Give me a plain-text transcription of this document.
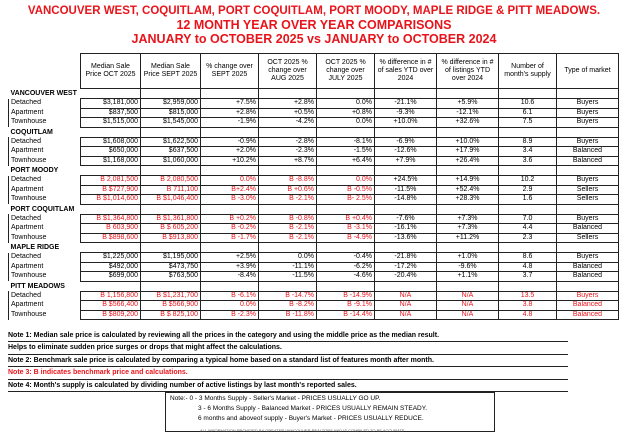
VANCOUVER WEST, COQUITLAM, PORT COQUITLAM, PORT MOODY, MAPLE RIDGE & PITT MEADOWS.
12 MONTH YEAR OVER YEAR COMPARISONS
JANUARY to OCTOBER 2025 vs JANUARY to OCTOBER 2024
	Median Sale Price OCT 2025	Median Sale Price SEPT 2025	% change over SEPT 2025	OCT 2025 % change over AUG 2025	OCT 2025 % change over JULY 2025	% difference in # of sales YTD over 2024	% difference in # of listings YTD over 2024	Number of month's supply	Type of market
VANCOUVER WEST									
Detached	$3,181,000	$2,959,000	+7.5%	+2.8%	0.0%	-21.1%	+5.9%	10.6	Buyers
Apartment	$837,500	$815,000	+2.8%	+0.5%	+0.8%	-9.3%	-12.1%	6.1	Buyers
Townhouse	$1,515,000	$1,545,000	-1.9%	-4.2%	0.0%	+10.0%	+32.6%	7.5	Buyers
COQUITLAM									
Detached	$1,608,000	$1,622,500	-0.9%	-2.8%	-8.1%	-6.9%	+10.0%	8.9	Buyers
Apartment	$650,000	$637,500	+2.0%	-2.3%	-1.5%	-12.6%	+17.9%	3.4	Balanced
Townhouse	$1,168,000	$1,060,000	+10.2%	+8.7%	+6.4%	+7.9%	+26.4%	3.6	Balanced
PORT MOODY									
Detached	B 2,081,500	B 2,080,500	0.0%	B -8.8%	0.0%	+24.5%	+14.9%	10.2	Buyers
Apartment	B $727,900	B 711,100	B+2.4%	B +0.6%	B -0.5%	-11.5%	+52.4%	2.9	Sellers
Townhouse	B $1,014,600	B $1,046,400	B -3.0%	B -2.1%	B- 2.5%	-14.8%	+28.3%	1.6	Sellers
PORT COQUITLAM									
Detached	B $1,364,800	B $1,361,800	B +0.2%	B -0.8%	B +0.4%	-7.6%	+7.3%	7.0	Buyers
Apartment	B 603,900	B $ 605,200	B -0.2%	B -2.1%	B -3.1%	-16.1%	+7.3%	4.4	Balanced
Townhouse	B $898,600	B $913,800	B -1.7%	B -2.1%	B -4.9%	-13.6%	+11.2%	2.3	Sellers
MAPLE RIDGE									
Detached	$1,225,000	$1,195,000	+2.5%	0.0%	-0.4%	-21.8%	+1.0%	8.6	Buyers
Apartment	$492,000	$473,750	+3.9%	-11.1%	-6.2%	-17.2%	-9.6%	4.8	Balanced
Townhouse	$699,000	$763,500	-8.4%	-11.5%	-4.6%	-20.4%	+1.1%	3.7	Balanced
PITT MEADOWS									
Detached	B 1,156,800	B $1,231,700	B -6.1%	B -14.7%	B -14.9%	N/A	N/A	13.5	Buyers
Apartment	B $566,400	B $566,900	0.0%	B -8.2%	B -9.1%	N/A	N/A	3.8	Balanced
Townhouse	B $809,200	B $ 825,100	B -2.3%	B -11.8%	B -14.4%	N/A	N/A	4.8	Balanced
Note 1: Median sale price is calculated by reviewing all the prices in the category and using the middle price as the median result.
Helps to eliminate sudden price surges or drops that might affect the calculations.
Note 2: Benchmark sale price is calculated by comparing a typical home based on a standard list of features month after month.
Note 3: B indicates benchmark price and calculations.
Note 4: Month's supply is calculated by dividing number of active listings by last month's reported sales.
Note:- 0 - 3 Months Supply - Seller's Market - PRICES USUALLY GO UP.
3 - 6 Months Supply - Balanced Market - PRICES USUALLY REMAIN STEADY.
6 months and aboveof supply - Buyer's Market - PRICES USUALLY REDUCE.
ALL INFORMATION PROVIDED BY GREATER VANCOUVER REALTORS AND IS COMPILED TO BE ACCURATE
